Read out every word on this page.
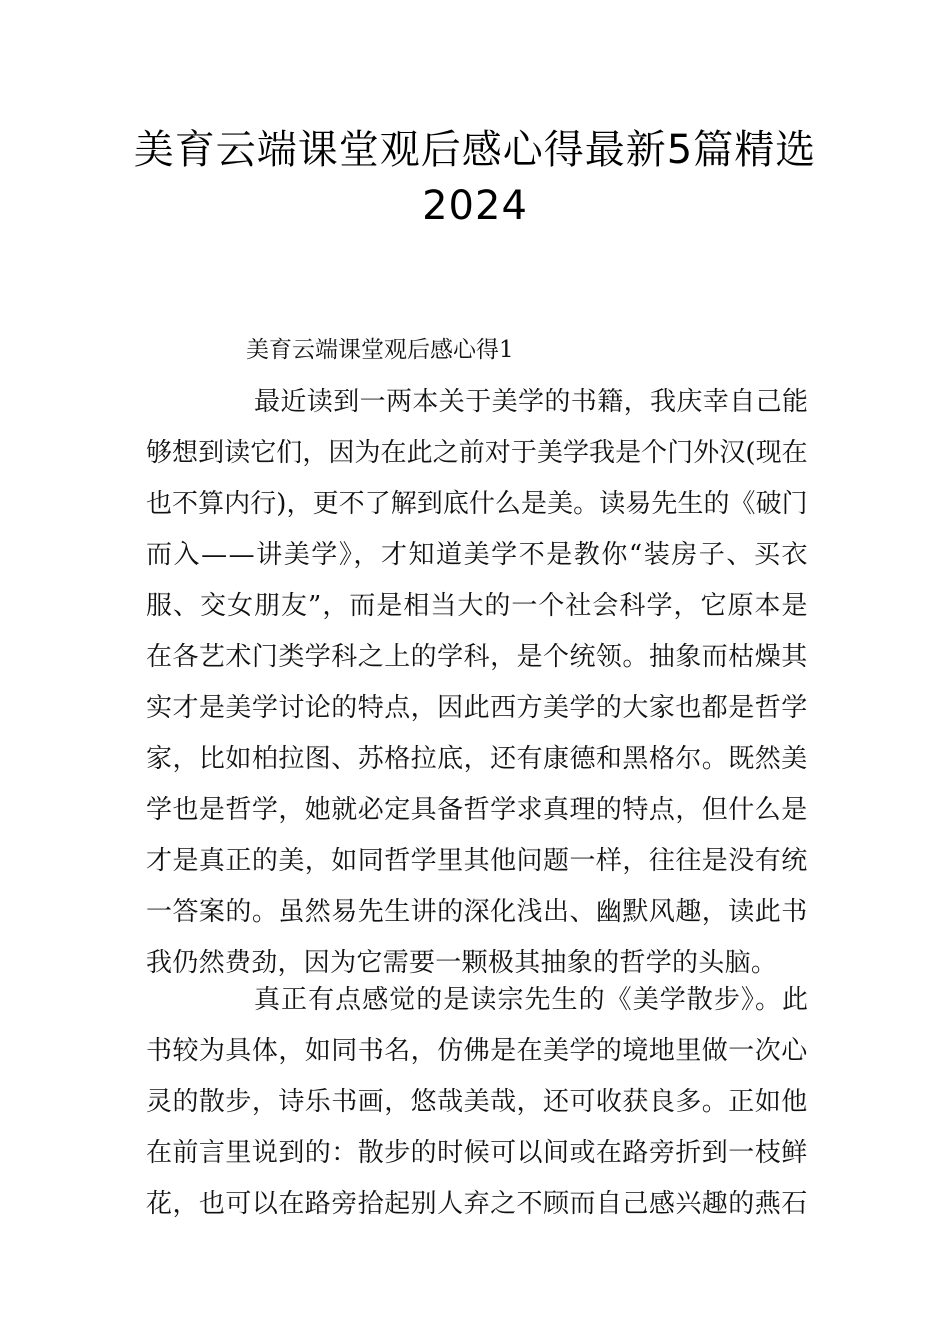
美育云端课堂观后感心得最新5篇精选
2024
美育云端课堂观后感心得1
最近读到一两本关于美学的书籍，我庆幸自己能
够想到读它们，因为在此之前对于美学我是个门外汉(现在
也不算内行)，更不了解到底什么是美。读易先生的《破门
而入——讲美学》，才知道美学不是教你“装房子、买衣
服、交女朋友”，而是相当大的一个社会科学，它原本是
在各艺术门类学科之上的学科，是个统领。抽象而枯燥其
实才是美学讨论的特点，因此西方美学的大家也都是哲学
家，比如柏拉图、苏格拉底，还有康德和黑格尔。既然美
学也是哲学，她就必定具备哲学求真理的特点，但什么是
才是真正的美，如同哲学里其他问题一样，往往是没有统
一答案的。虽然易先生讲的深化浅出、幽默风趣，读此书
我仍然费劲，因为它需要一颗极其抽象的哲学的头脑。
真正有点感觉的是读宗先生的《美学散步》。此
书较为具体，如同书名，仿佛是在美学的境地里做一次心
灵的散步，诗乐书画，悠哉美哉，还可收获良多。正如他
在前言里说到的：散步的时候可以间或在路旁折到一枝鲜
花，也可以在路旁拾起别人弃之不顾而自己感兴趣的燕石
